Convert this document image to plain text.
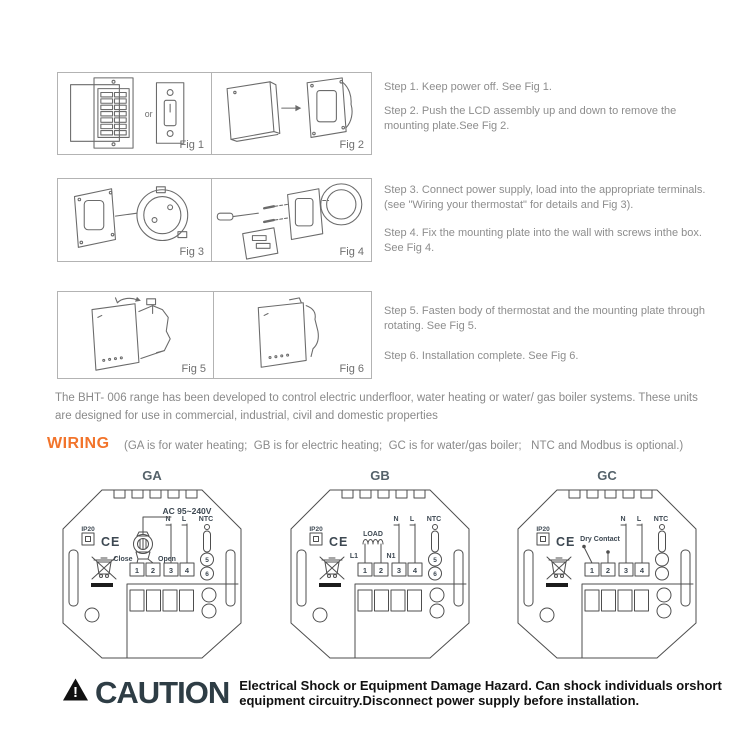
or
Fig 1	Fig 2
Fig 3	Fig 4
Fig 5	Fig 6
Step 1. Keep power off. See Fig 1.
Step 2. Push the LCD assembly up and down to remove the mounting plate.See Fig 2.
Step 3. Connect power supply, load into the appropriate terminals. (see "Wiring your thermostat" for details and Fig 3).
Step 4. Fix the mounting plate into the wall with screws inthe box. See Fig 4.
Step 5. Fasten body of thermostat and the mounting plate through rotating. See Fig 5.
Step 6. Installation complete. See Fig 6.
The BHT- 006 range has been developed to control electric underfloor, water heating or water/ gas boiler systems. These units
are designed for use in commercial, industrial, civil and domestic properties
WIRING (GA is for water heating;  GB is for electric heating;  GC is for water/gas boiler;   NTC and Modbus is optional.)
GA
IP20
CE
AC 95~240V
N L
Close	Open
1 2 3 4
NTC
5
6
GB
IP20
CE
LOAD
L1	N1
N L
1 2 3 4
NTC
5
6
GC
IP20
CE Dry Contact
N L
1 2 3 4
NTC
! CAUTION Electrical Shock or Equipment Damage Hazard. Can shock individuals orshort
equipment circuitry.Disconnect power supply before installation.
